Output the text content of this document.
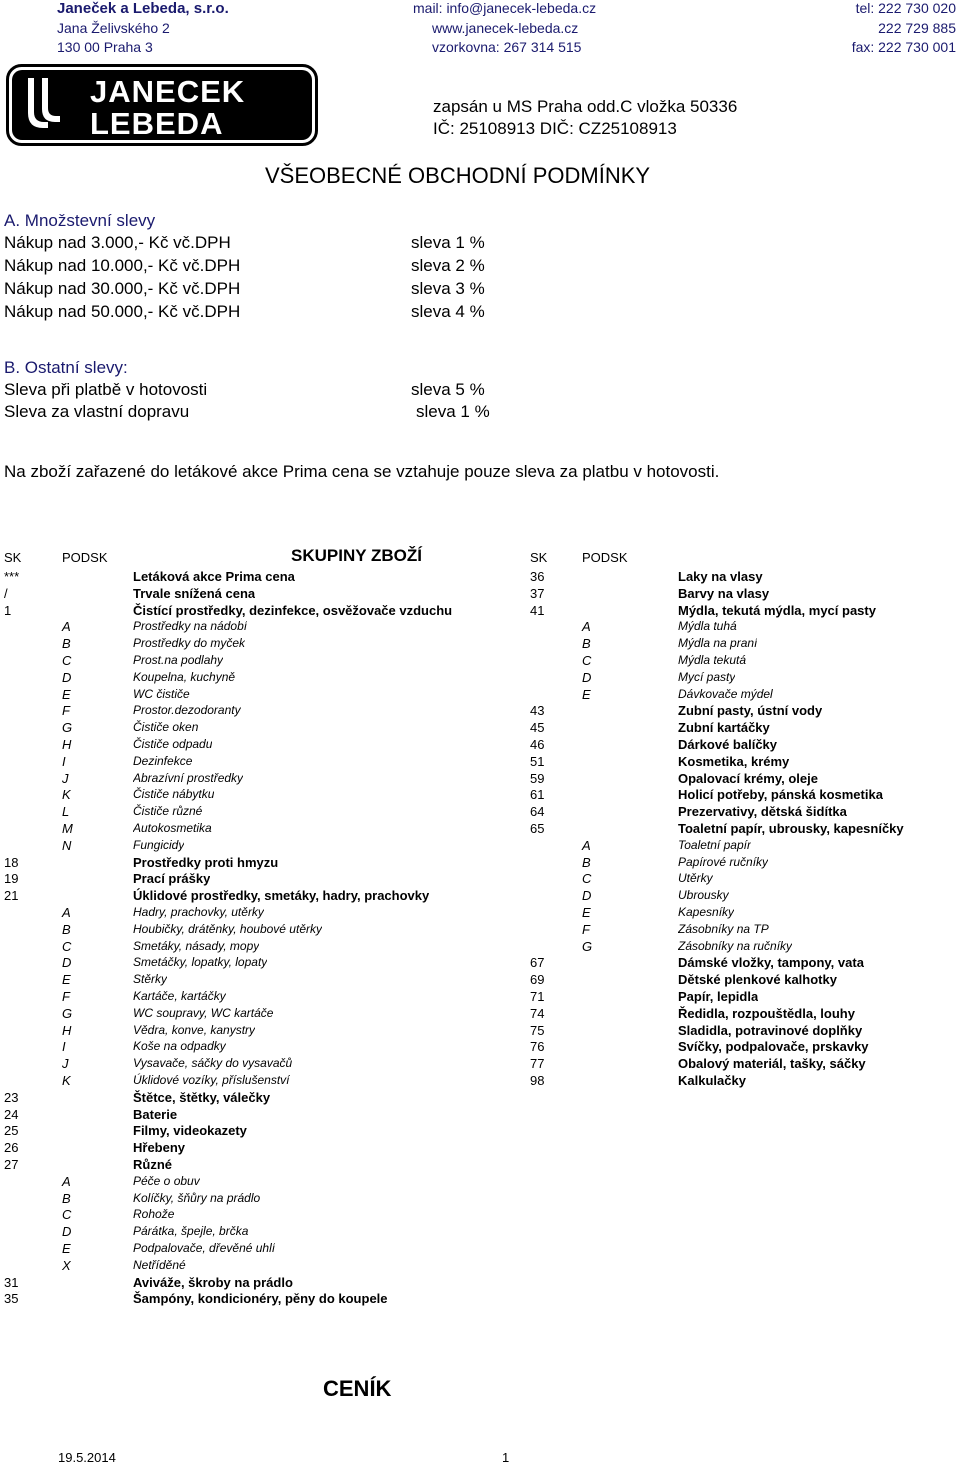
Janeček a Lebeda, s.r.o.
Jana Želivského 2
130 00 Praha 3
mail: info@janecek-lebeda.cz
www.janecek-lebeda.cz
vzorkovna: 267 314 515
tel: 222 730 020
222 729 885
fax: 222 730 001
JANECEK
LEBEDA	zapsán u MS Praha odd.C vložka 50336
IČ: 25108913 DIČ: CZ25108913
VŠEOBECNÉ OBCHODNÍ PODMÍNKY
A. Množstevní slevy
Nákup nad 3.000,- Kč vč.DPH	sleva 1 %
Nákup nad 10.000,- Kč vč.DPH	sleva 2 %
Nákup nad 30.000,- Kč vč.DPH	sleva 3 %
Nákup nad 50.000,- Kč vč.DPH	sleva 4 %
B. Ostatní slevy:
Sleva při platbě v hotovosti	sleva 5 %
Sleva za vlastní dopravu	sleva 1 %
Na zboží zařazené do letákové akce Prima cena se vztahuje pouze sleva za platbu v hotovosti.
SK	PODSK	SKUPINY ZBOŽÍ	SK	PODSK
***	Letáková akce Prima cena
/	Trvale snížená cena
1	Čistící prostředky, dezinfekce, osvěžovače vzduchu
A	Prostředky na nádobí
B	Prostředky do myček
C	Prost.na podlahy
D	Koupelna, kuchyně
E	WC čističe
F	Prostor.dezodoranty
G	Čističe oken
H	Čističe odpadu
I	Dezinfekce
J	Abrazívní prostředky
K	Čističe nábytku
L	Čističe různé
M	Autokosmetika
N	Fungicidy
18	Prostředky proti hmyzu
19	Prací prášky
21	Úklidové prostředky, smetáky, hadry, prachovky
A	Hadry, prachovky, utěrky
B	Houbičky, drátěnky, houbové utěrky
C	Smetáky, násady, mopy
D	Smetáčky, lopatky, lopaty
E	Stěrky
F	Kartáče, kartáčky
G	WC soupravy, WC kartáče
H	Vědra, konve, kanystry
I	Koše na odpadky
J	Vysavače, sáčky do vysavačů
K	Úklidové vozíky, příslušenství
23	Štětce, štětky, válečky
24	Baterie
25	Filmy, videokazety
26	Hřebeny
27	Různé
A	Péče o obuv
B	Kolíčky, šňůry na prádlo
C	Rohože
D	Párátka, špejle, brčka
E	Podpalovače, dřevěné uhlí
X	Netříděné
31	Aviváže, škroby na prádlo
35	Šampóny, kondicionéry, pěny do koupele
36	Laky na vlasy
37	Barvy na vlasy
41	Mýdla, tekutá mýdla, mycí pasty
A	Mýdla tuhá
B	Mýdla na praní
C	Mýdla tekutá
D	Mycí pasty
E	Dávkovače mýdel
43	Zubní pasty, ústní vody
45	Zubní kartáčky
46	Dárkové balíčky
51	Kosmetika, krémy
59	Opalovací krémy, oleje
61	Holicí potřeby, pánská kosmetika
64	Prezervativy, dětská šidítka
65	Toaletní papír, ubrousky, kapesníčky
A	Toaletní papír
B	Papírové ručníky
C	Utěrky
D	Ubrousky
E	Kapesníky
F	Zásobníky na TP
G	Zásobníky na ručníky
67	Dámské vložky, tampony, vata
69	Dětské plenkové kalhotky
71	Papír, lepidla
74	Ředidla, rozpouštědla, louhy
75	Sladidla, potravinové doplňky
76	Svíčky, podpalovače, prskavky
77	Obalový materiál, tašky, sáčky
98	Kalkulačky
CENÍK
19.5.2014	1
